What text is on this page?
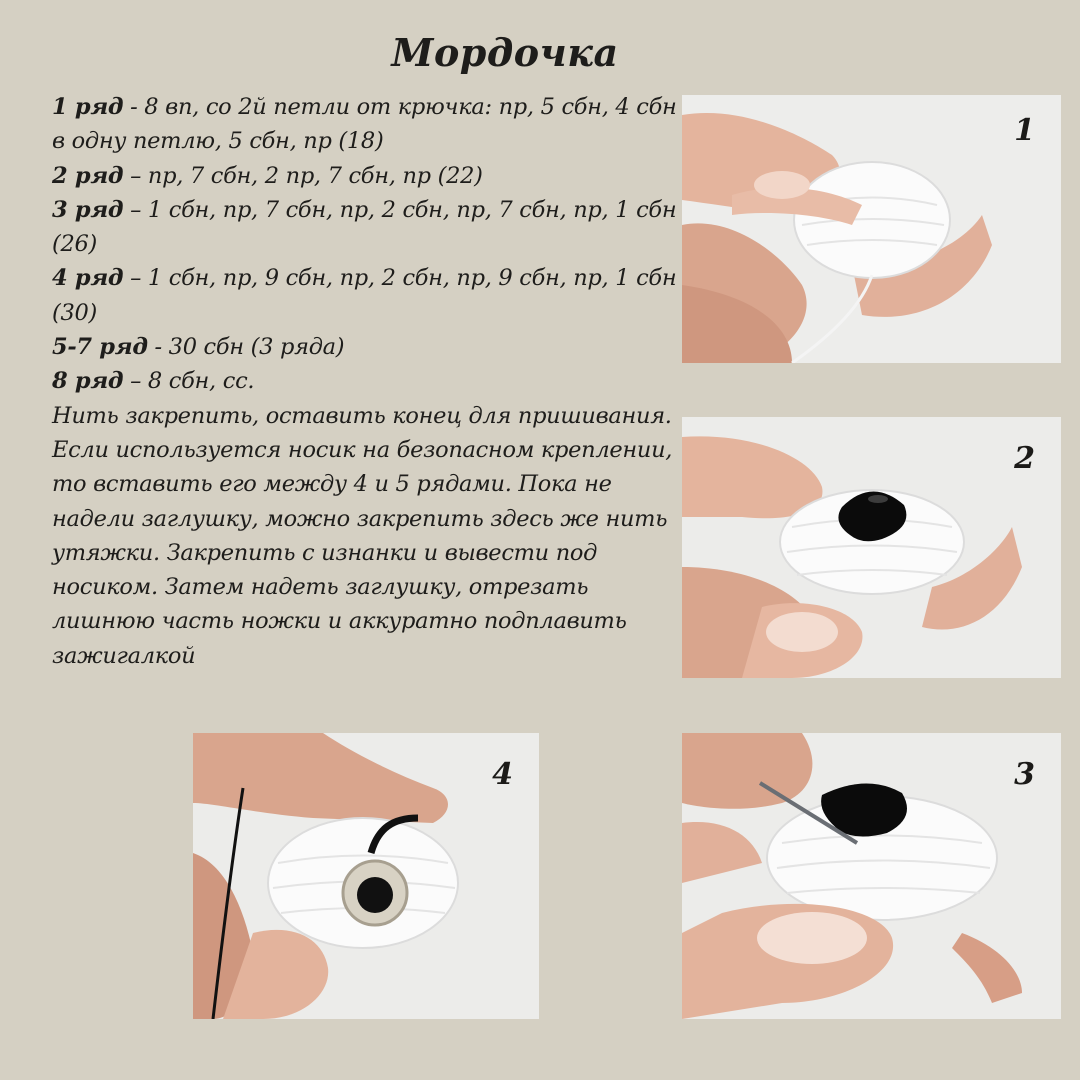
Мордочка

1 ряд - 8 вп, со 2й петли от крючка: пр, 5 сбн, 4 сбн в одну петлю, 5 сбн, пр (18)

2 ряд – пр, 7 сбн, 2 пр, 7 сбн, пр (22)

3 ряд – 1 сбн, пр, 7 сбн, пр, 2 сбн, пр, 7 сбн, пр, 1 сбн (26)

4 ряд – 1 сбн, пр, 9 сбн, пр, 2 сбн, пр, 9 сбн, пр, 1 сбн (30)

5-7 ряд - 30 сбн (3 ряда)

8 ряд – 8 сбн, сс.

Нить закрепить, оставить конец для пришивания.

Если используется носик на безопасном креплении, то вставить его между 4 и 5 рядами. Пока не надели заглушку, можно закрепить здесь же нить утяжки. Закрепить с изнанки и вывести под носиком. Затем надеть заглушку, отрезать лишнюю часть ножки и аккуратно подплавить зажигалкой

1
2
3
4
